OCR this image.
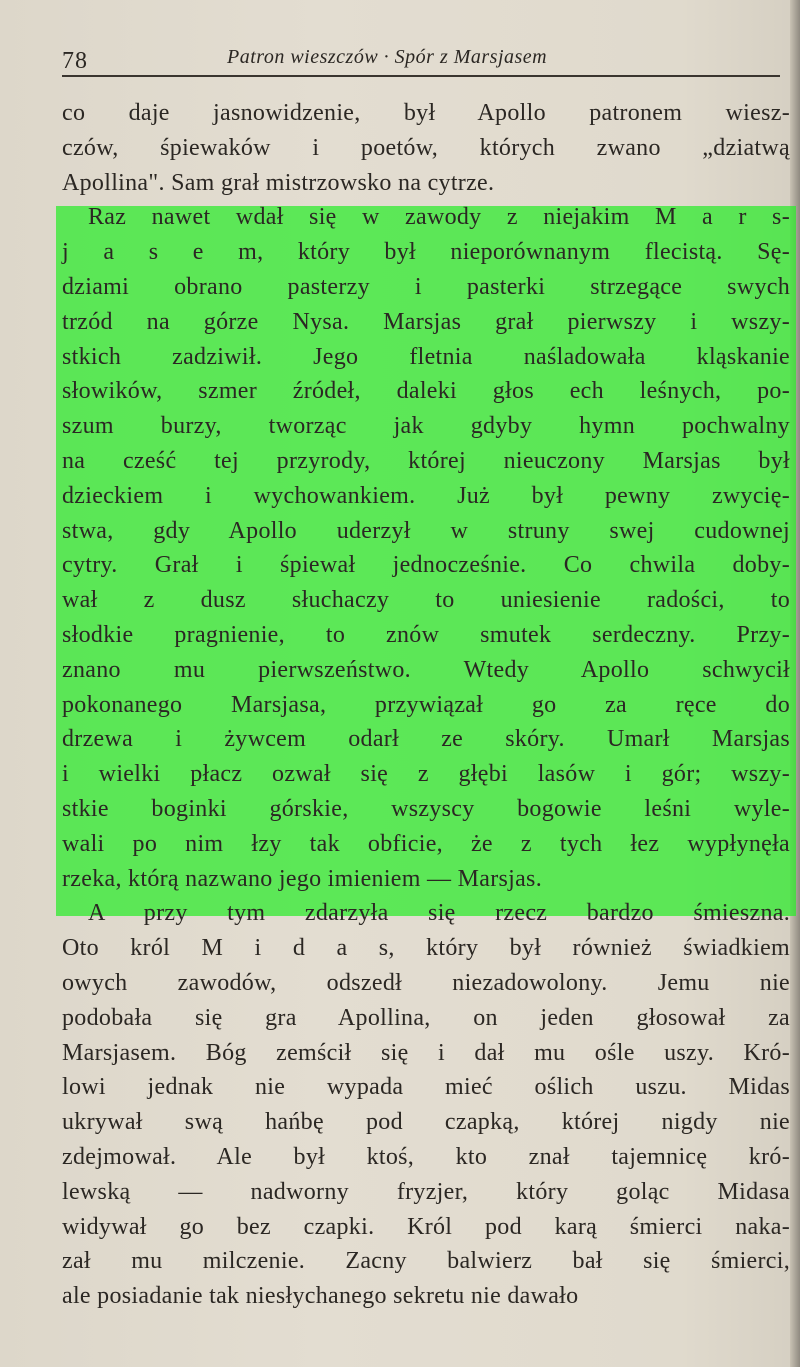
78	Patron wieszczów · Spór z Marsjasem
co daje jasnowidzenie, był Apollo patronem wiesz-
czów, śpiewaków i poetów, których zwano „dziatwą
Apollina". Sam grał mistrzowsko na cytrze.
Raz nawet wdał się w zawody z niejakim M a r s-
j a s e m, który był nieporównanym flecistą. Sę-
dziami obrano pasterzy i pasterki strzegące swych
trzód na górze Nysa. Marsjas grał pierwszy i wszy-
stkich zadziwił. Jego fletnia naśladowała kląskanie
słowików, szmer źródeł, daleki głos ech leśnych, po-
szum burzy, tworząc jak gdyby hymn pochwalny
na cześć tej przyrody, której nieuczony Marsjas był
dzieckiem i wychowankiem. Już był pewny zwycię-
stwa, gdy Apollo uderzył w struny swej cudownej
cytry. Grał i śpiewał jednocześnie. Co chwila doby-
wał z dusz słuchaczy to uniesienie radości, to
słodkie pragnienie, to znów smutek serdeczny. Przy-
znano mu pierwszeństwo. Wtedy Apollo schwycił
pokonanego Marsjasa, przywiązał go za ręce do
drzewa i żywcem odarł ze skóry. Umarł Marsjas
i wielki płacz ozwał się z głębi lasów i gór; wszy-
stkie boginki górskie, wszyscy bogowie leśni wyle-
wali po nim łzy tak obficie, że z tych łez wypłynęła
rzeka, którą nazwano jego imieniem — Marsjas.
A przy tym zdarzyła się rzecz bardzo śmieszna.
Oto król M i d a s, który był również świadkiem
owych zawodów, odszedł niezadowolony. Jemu nie
podobała się gra Apollina, on jeden głosował za
Marsjasem. Bóg zemścił się i dał mu ośle uszy. Kró-
lowi jednak nie wypada mieć oślich uszu. Midas
ukrywał swą hańbę pod czapką, której nigdy nie
zdejmował. Ale był ktoś, kto znał tajemnicę kró-
lewską — nadworny fryzjer, który goląc Midasa
widywał go bez czapki. Król pod karą śmierci naka-
zał mu milczenie. Zacny balwierz bał się śmierci,
ale posiadanie tak niesłychanego sekretu nie dawało
